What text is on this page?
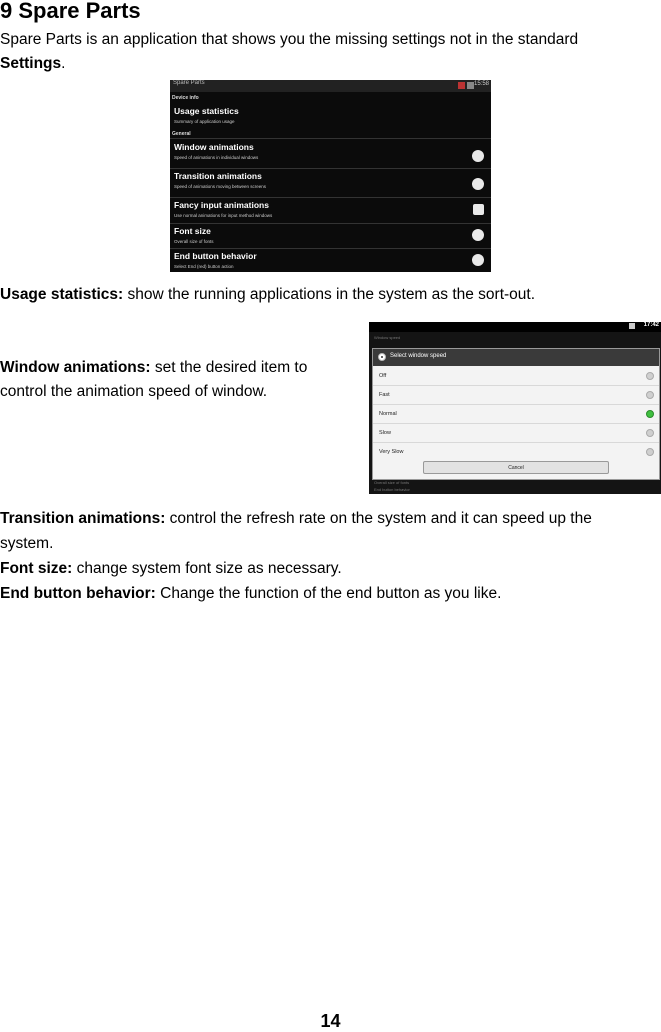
9 Spare Parts

Spare Parts is an application that shows you the missing settings not in the standard

Settings.

Spare Parts	15:58
Device info
Usage statistics
Summary of application usage
General
Window animations
Speed of animations in individual windows
Transition animations
Speed of animations moving between screens
Fancy input animations
Use normal animations for input method windows
Font size
Overall size of fonts
End button behavior
Select End (red) button action

Usage statistics: show the running applications in the system as the sort-out.

Window animations: set the desired item to

control the animation speed of window.

17:42
Window speed
Select window speed
Off
Fast
Normal
Slow
Very Slow
Cancel
Overall size of fonts
End button behavior

Transition animations: control the refresh rate on the system and it can speed up the

system.

Font size: change system font size as necessary.

End button behavior: Change the function of the end button as you like.

14
